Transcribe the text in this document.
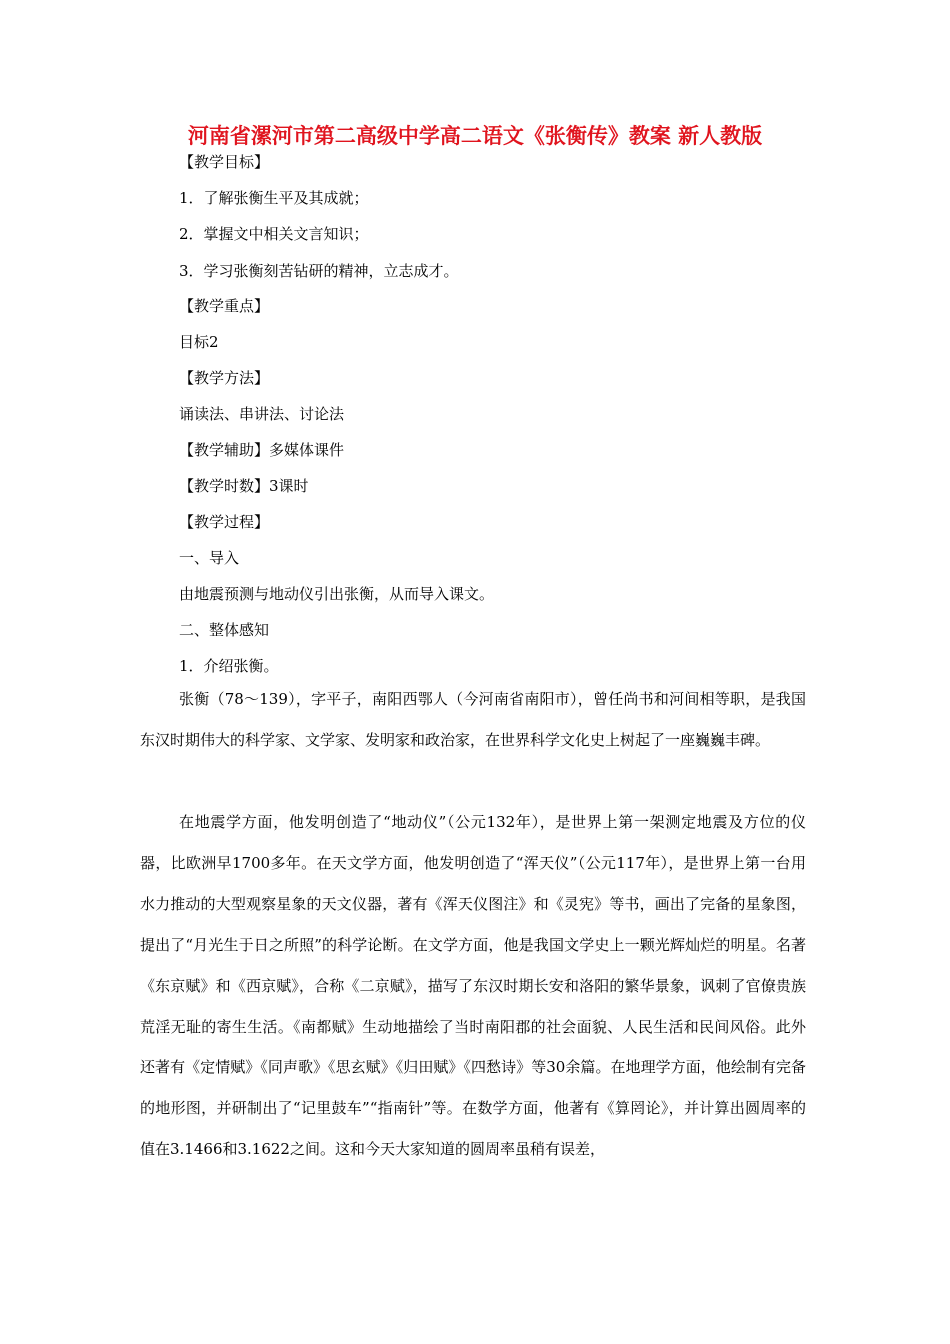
河南省漯河市第二高级中学高二语文《张衡传》教案 新人教版
【教学目标】
1．了解张衡生平及其成就；
2．掌握文中相关文言知识；
3．学习张衡刻苦钻研的精神，立志成才。
【教学重点】
目标2
【教学方法】
诵读法、串讲法、讨论法
【教学辅助】多媒体课件
【教学时数】3课时
【教学过程】
一、导入
由地震预测与地动仪引出张衡，从而导入课文。
二、整体感知
1．介绍张衡。
张衡（78～139），字平子，南阳西鄂人（今河南省南阳市），曾任尚书和河间相等职，是我国东汉时期伟大的科学家、文学家、发明家和政治家，在世界科学文化史上树起了一座巍巍丰碑。
在地震学方面，他发明创造了“地动仪”（公元132年），是世界上第一架测定地震及方位的仪器，比欧洲早1700多年。在天文学方面，他发明创造了“浑天仪”（公元117年），是世界上第一台用水力推动的大型观察星象的天文仪器，著有《浑天仪图注》和《灵宪》等书，画出了完备的星象图，提出了“月光生于日之所照”的科学论断。在文学方面，他是我国文学史上一颗光辉灿烂的明星。名著《东京赋》和《西京赋》，合称《二京赋》，描写了东汉时期长安和洛阳的繁华景象，讽刺了官僚贵族荒淫无耻的寄生生活。《南都赋》生动地描绘了当时南阳郡的社会面貌、人民生活和民间风俗。此外还著有《定情赋》《同声歌》《思玄赋》《归田赋》《四愁诗》等30余篇。在地理学方面，他绘制有完备的地形图，并研制出了“记里鼓车”“指南针”等。在数学方面，他著有《算罔论》，并计算出圆周率的值在3.1466和3.1622之间。这和今天大家知道的圆周率虽稍有误差，
